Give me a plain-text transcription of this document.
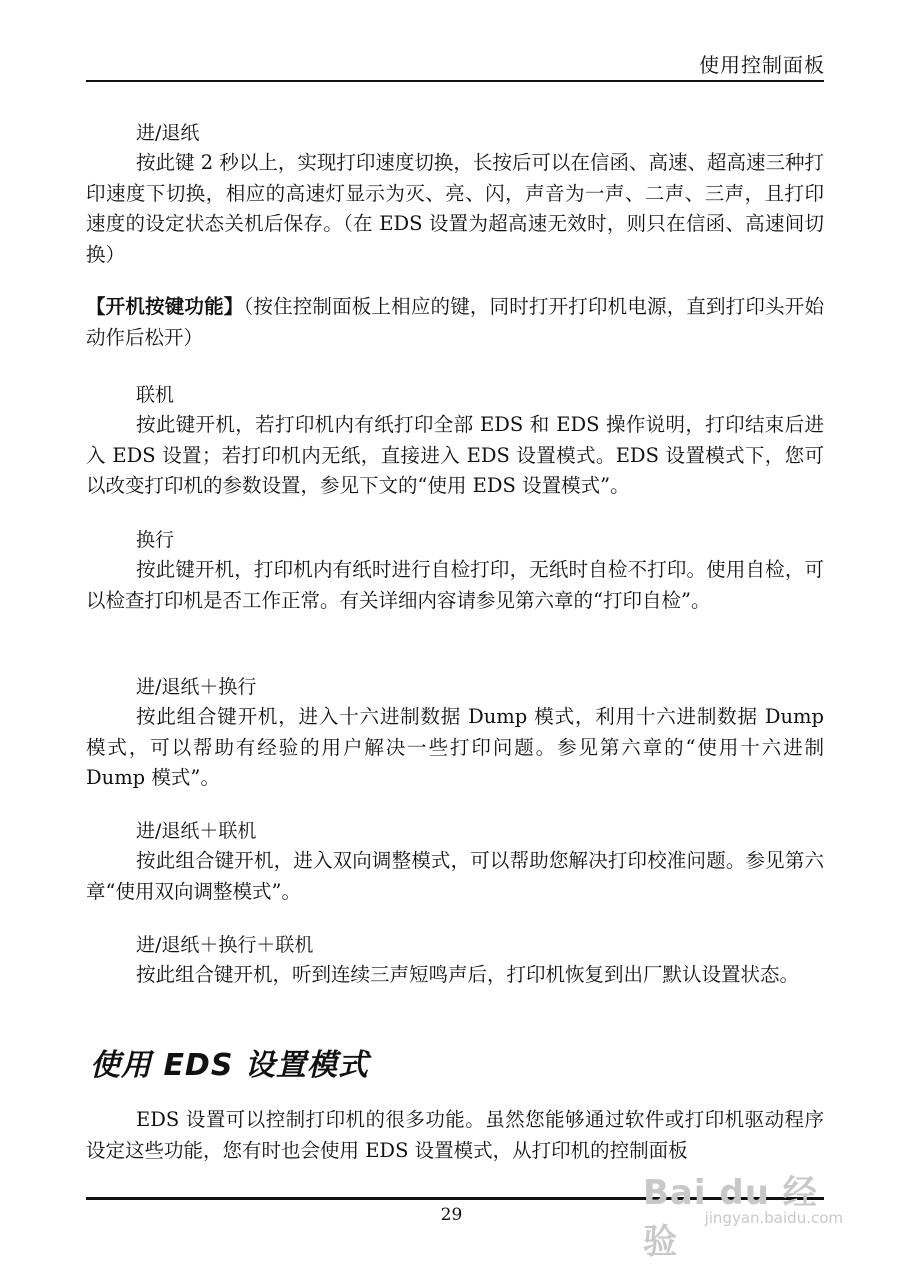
使用控制面板
进/退纸

按此键 2 秒以上，实现打印速度切换，长按后可以在信函、高速、超高速三种打印速度下切换，相应的高速灯显示为灭、亮、闪，声音为一声、二声、三声，且打印速度的设定状态关机后保存。（在 EDS 设置为超高速无效时，则只在信函、高速间切换）

【开机按键功能】（按住控制面板上相应的键，同时打开打印机电源，直到打印头开始动作后松开）

联机

按此键开机，若打印机内有纸打印全部 EDS 和 EDS 操作说明，打印结束后进入 EDS 设置；若打印机内无纸，直接进入 EDS 设置模式。EDS 设置模式下，您可以改变打印机的参数设置，参见下文的“使用 EDS 设置模式”。

换行

按此键开机，打印机内有纸时进行自检打印，无纸时自检不打印。使用自检，可以检查打印机是否工作正常。有关详细内容请参见第六章的“打印自检”。

进/退纸＋换行

按此组合键开机，进入十六进制数据 Dump 模式，利用十六进制数据 Dump 模式，可以帮助有经验的用户解决一些打印问题。参见第六章的“使用十六进制 Dump 模式”。

进/退纸＋联机

按此组合键开机，进入双向调整模式，可以帮助您解决打印校准问题。参见第六章“使用双向调整模式”。

进/退纸＋换行＋联机

按此组合键开机，听到连续三声短鸣声后，打印机恢复到出厂默认设置状态。

使用 EDS 设置模式

EDS 设置可以控制打印机的很多功能。虽然您能够通过软件或打印机驱动程序设定这些功能，您有时也会使用 EDS 设置模式，从打印机的控制面板

29
Bai du 经验
jingyan.baidu.com
